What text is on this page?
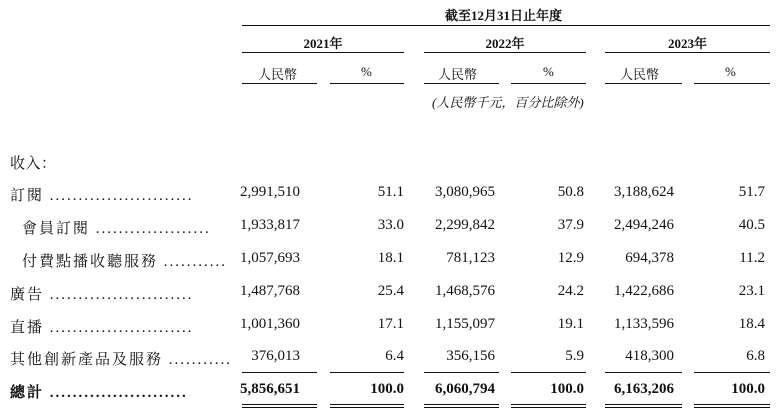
截至12月31日止年度
2021年	2022年	2023年
人民幣	%	人民幣	%	人民幣	%
(人民幣千元，百分比除外)
收入：
訂閱 .........................	2,991,510	51.1	3,080,965	50.8	3,188,624	51.7
會員訂閱 ....................	1,933,817	33.0	2,299,842	37.9	2,494,246	40.5
付費點播收聽服務 ........... 1,057,693	18.1	781,123	12.9	694,378	11.2
廣告 .........................	1,487,768	25.4	1,468,576	24.2	1,422,686	23.1
直播 .........................	1,001,360	17.1	1,155,097	19.1	1,133,596	18.4
其他創新產品及服務 ...........	376,013	6.4	356,156	5.9	418,300	6.8
總計 ........................	5,856,651	100.0	6,060,794	100.0	6,163,206	100.0
